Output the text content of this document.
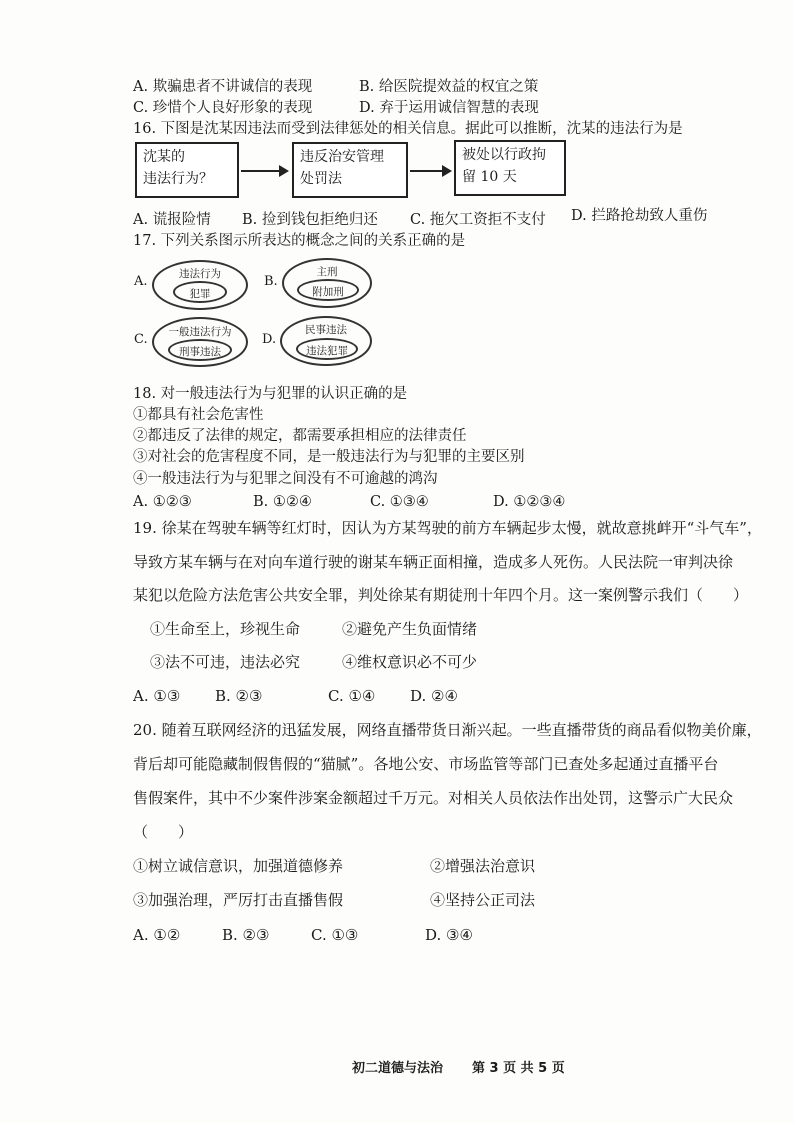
A. 欺骗患者不讲诚信的表现	B. 给医院提效益的权宜之策
C. 珍惜个人良好形象的表现	D. 弃于运用诚信智慧的表现
16. 下图是沈某因违法而受到法律惩处的相关信息。据此可以推断，沈某的违法行为是
沈某的
违法行为？
违反治安管理
处罚法
被处以行政拘
留 10 天
A. 谎报险情 B. 捡到钱包拒绝归还 C. 拖欠工资拒不支付 D. 拦路抢劫致人重伤
17. 下列关系图示所表达的概念之间的关系正确的是
A.	违法行为
犯罪
B.
主刑
附加刑
C.	一般违法行为
刑事违法
D.
民事违法
违法犯罪
18. 对一般违法行为与犯罪的认识正确的是
①都具有社会危害性
②都违反了法律的规定，都需要承担相应的法律责任
③对社会的危害程度不同，是一般违法行为与犯罪的主要区别
④一般违法行为与犯罪之间没有不可逾越的鸿沟
A. ①②③	B. ①②④	C. ①③④	D. ①②③④
19. 徐某在驾驶车辆等红灯时，因认为方某驾驶的前方车辆起步太慢，就故意挑衅开“斗气车”，
导致方某车辆与在对向车道行驶的谢某车辆正面相撞，造成多人死伤。人民法院一审判决徐
某犯以危险方法危害公共安全罪，判处徐某有期徒刑十年四个月。这一案例警示我们（　　）
①生命至上，珍视生命	②避免产生负面情绪
③法不可违，违法必究	④维权意识必不可少
A. ①③ B. ②③	C. ①④ D. ②④
20. 随着互联网经济的迅猛发展，网络直播带货日渐兴起。一些直播带货的商品看似物美价廉，
背后却可能隐藏制假售假的“猫腻”。各地公安、市场监管等部门已查处多起通过直播平台
售假案件，其中不少案件涉案金额超过千万元。对相关人员依法作出处罚，这警示广大民众
（　　）
①树立诚信意识，加强道德修养	②增强法治意识
③加强治理，严厉打击直播售假	④坚持公正司法
A. ①②	B. ②③	C. ①③	D. ③④
初二道德与法治 第 3 页 共 5 页
